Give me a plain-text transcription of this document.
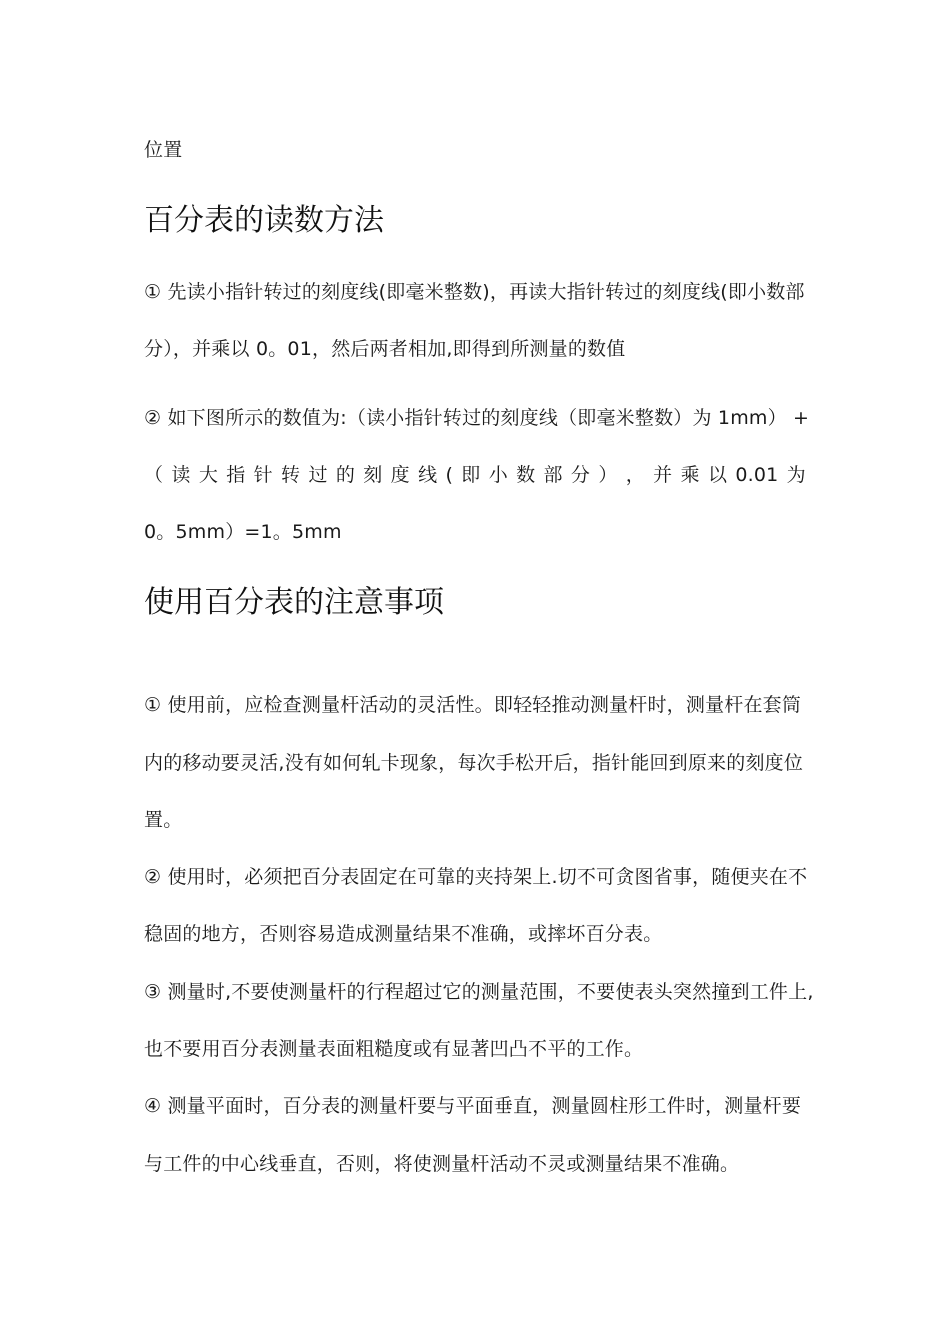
位置
百分表的读数方法
① 先读小指针转过的刻度线(即毫米整数)，再读大指针转过的刻度线(即小数部
分），并乘以 0。01，然后两者相加,即得到所测量的数值
② 如下图所示的数值为:（读小指针转过的刻度线（即毫米整数）为 1mm） +
（ 读 大 指 针 转 过 的 刻 度 线 ( 即 小 数 部 分 ） ， 并 乘 以 0.01 为
0。5mm）=1。5mm
使用百分表的注意事项
① 使用前，应检查测量杆活动的灵活性。即轻轻推动测量杆时，测量杆在套筒
内的移动要灵活,没有如何轧卡现象，每次手松开后，指针能回到原来的刻度位
置。
② 使用时，必须把百分表固定在可靠的夹持架上.切不可贪图省事，随便夹在不
稳固的地方，否则容易造成测量结果不准确，或摔坏百分表。
③ 测量时,不要使测量杆的行程超过它的测量范围，不要使表头突然撞到工件上,
也不要用百分表测量表面粗糙度或有显著凹凸不平的工作。
④ 测量平面时，百分表的测量杆要与平面垂直，测量圆柱形工件时，测量杆要
与工件的中心线垂直，否则，将使测量杆活动不灵或测量结果不准确。
